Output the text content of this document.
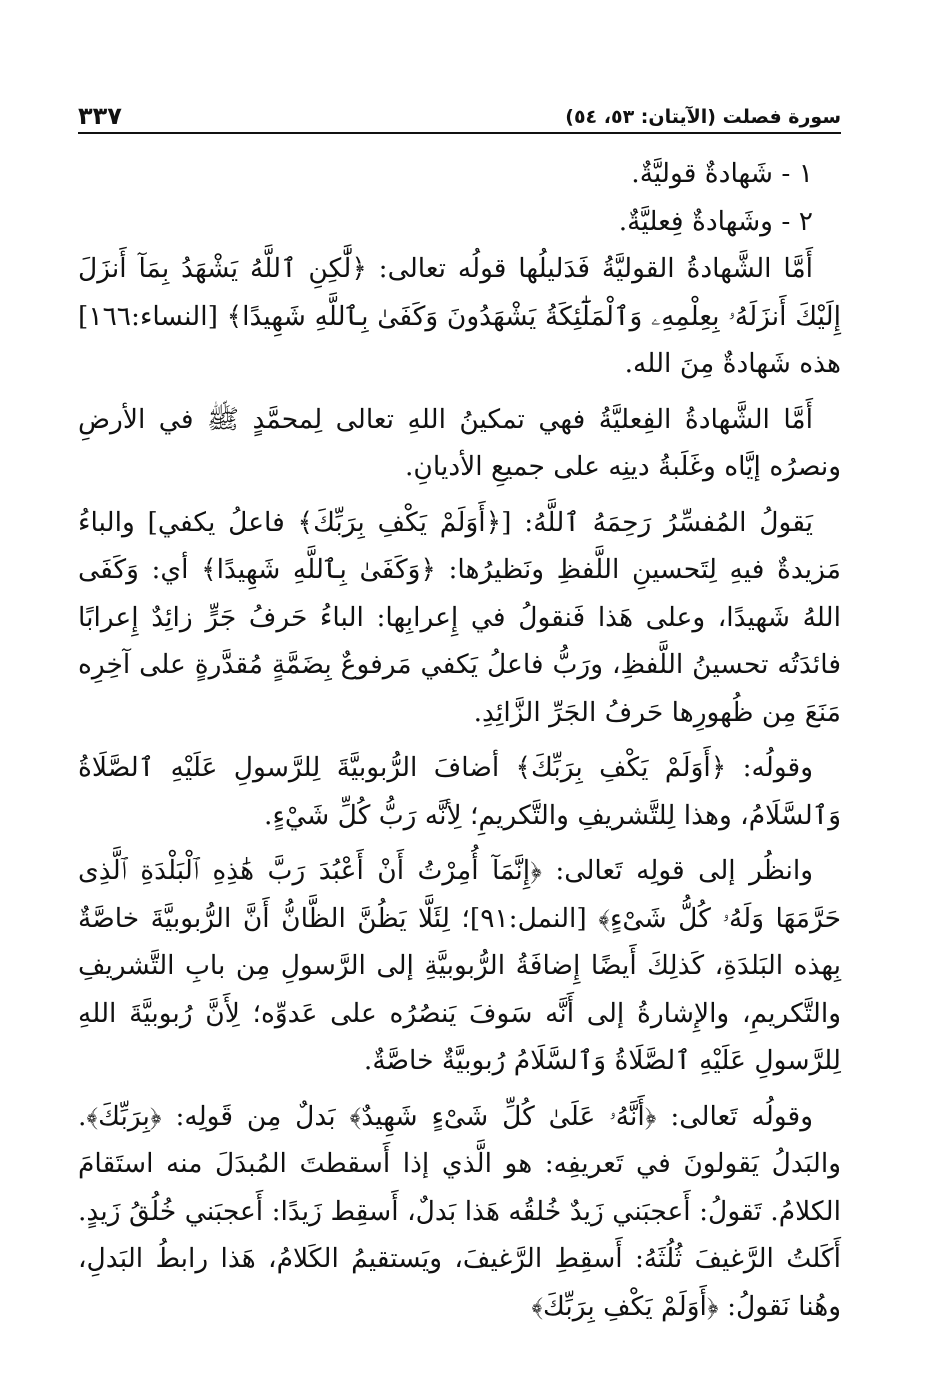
سورة فصلت (الآيتان: ٥٣، ٥٤)
٣٣٧

١ - شَهادةٌ قوليَّةٌ.

٢ - وشَهادةٌ فِعليَّةٌ.

أَمَّا الشَّهادةُ القوليَّةُ فَدَليلُها قولُه تعالى: ﴿لَّٰكِنِ ٱللَّهُ يَشْهَدُ بِمَآ أَنزَلَ إِلَيْكَ أَنزَلَهُۥ بِعِلْمِهِۦ وَٱلْمَلَٰٓئِكَةُ يَشْهَدُونَ وَكَفَىٰ بِٱللَّهِ شَهِيدًا﴾ [النساء:١٦٦] هذه شَهادةٌ مِنَ الله.

أَمَّا الشَّهادةُ الفِعليَّةُ فهي تمكينُ اللهِ تعالى لِمحمَّدٍ ﷺ في الأرضِ ونصرُه إيَّاه وغَلَبةُ دينِه على جميعِ الأديانِ.

يَقولُ المُفسِّرُ رَحِمَهُ ٱللَّهُ: [﴿أَوَلَمْ يَكْفِ بِرَبِّكَ﴾ فاعلُ يكفي] والباءُ مَزيدةٌ فيهِ لِتَحسينِ اللَّفظِ ونَظيرُها: ﴿وَكَفَىٰ بِٱللَّهِ شَهِيدًا﴾ أي: وَكَفَى اللهُ شَهيدًا، وعلى هَذا فَنقولُ في إِعرابِها: الباءُ حَرفُ جَرٍّ زائِدٌ إِعرابًا فائدَتُه تحسينُ اللَّفظِ، ورَبُّ فاعلُ يَكفي مَرفوعٌ بِضَمَّةٍ مُقدَّرةٍ على آخِرِه مَنَعَ مِن ظُهورِها حَرفُ الجَرِّ الزَّائِدِ.

وقولُه: ﴿أَوَلَمْ يَكْفِ بِرَبِّكَ﴾ أضافَ الرُّبوبيَّةَ لِلرَّسولِ عَلَيْهِ ٱلصَّلَاةُ وَٱلسَّلَامُ، وهذا لِلتَّشريفِ والتَّكريمِ؛ لِأنَّه رَبُّ كُلِّ شَيْءٍ.

وانظُر إلى قولِه تَعالى: ﴿إِنَّمَآ أُمِرْتُ أَنْ أَعْبُدَ رَبَّ هَٰذِهِ ٱلْبَلْدَةِ ٱلَّذِى حَرَّمَهَا وَلَهُۥ كُلُّ شَىْءٍ﴾ [النمل:٩١]؛ لِئَلَّا يَظُنَّ الظَّانُّ أَنَّ الرُّبوبيَّةَ خاصَّةٌ بِهذه البَلدَةِ، كَذلِكَ أَيضًا إِضافَةُ الرُّبوبيَّةِ إلى الرَّسولِ مِن بابِ التَّشريفِ والتَّكريمِ، والإِشارةُ إلى أَنَّه سَوفَ يَنصُرُه على عَدوِّه؛ لِأَنَّ رُبوبيَّةَ اللهِ لِلرَّسولِ عَلَيْهِ ٱلصَّلَاةُ وَٱلسَّلَامُ رُبوبيَّةٌ خاصَّةٌ.

وقولُه تَعالى: ﴿أَنَّهُۥ عَلَىٰ كُلِّ شَىْءٍ شَهِيدٌ﴾ بَدلٌ مِن قَولِه: ﴿بِرَبِّكَ﴾. والبَدلُ يَقولونَ في تَعريفِه: هو الَّذي إذا أَسقطتَ المُبدَلَ منه استَقامَ الكلامُ. تَقولُ: أَعجبَني زَيدٌ خُلقُه هَذا بَدلٌ، أَسقِط زَيدًا: أَعجبَني خُلُقُ زَيدٍ. أَكَلتُ الرَّغيفَ ثُلُثَهُ: أَسقِطِ الرَّغيفَ، ويَستقيمُ الكَلامُ، هَذا رابطُ البَدلِ، وهُنا نَقولُ: ﴿أَوَلَمْ يَكْفِ بِرَبِّكَ﴾
